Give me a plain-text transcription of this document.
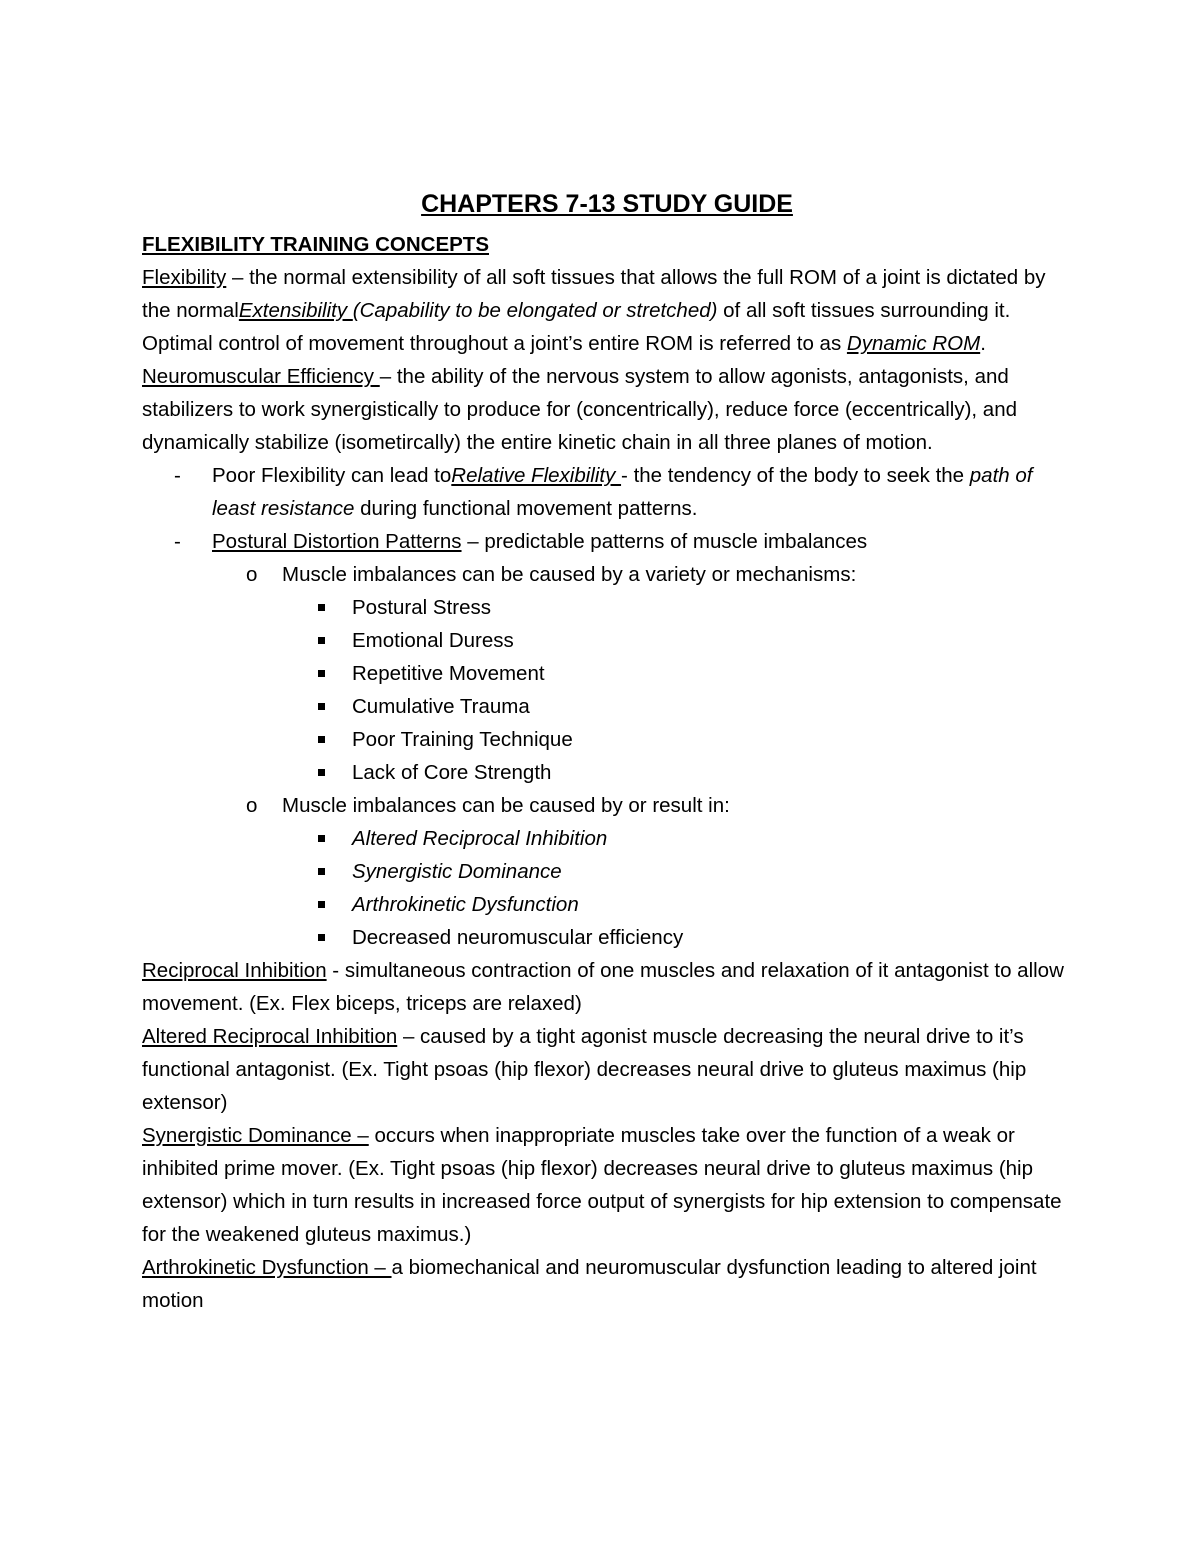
CHAPTERS 7-13 STUDY GUIDE
FLEXIBILITY TRAINING CONCEPTS

Flexibility – the normal extensibility of all soft tissues that allows the full ROM of a joint is dictated by the normalExtensibility (Capability to be elongated or stretched) of all soft tissues surrounding it. Optimal control of movement throughout a joint’s entire ROM is referred to as Dynamic ROM.

Neuromuscular Efficiency – the ability of the nervous system to allow agonists, antagonists, and stabilizers to work synergistically to produce for (concentrically), reduce force (eccentrically), and dynamically stabilize (isometircally) the entire kinetic chain in all three planes of motion.

- Poor Flexibility can lead toRelative Flexibility - the tendency of the body to seek the path of least resistance during functional movement patterns.
- Postural Distortion Patterns – predictable patterns of muscle imbalances
o Muscle imbalances can be caused by a variety or mechanisms:
Postural Stress
Emotional Duress
Repetitive Movement
Cumulative Trauma
Poor Training Technique
Lack of Core Strength
o Muscle imbalances can be caused by or result in:
Altered Reciprocal Inhibition
Synergistic Dominance
Arthrokinetic Dysfunction
Decreased neuromuscular efficiency

Reciprocal Inhibition - simultaneous contraction of one muscles and relaxation of it antagonist to allow movement. (Ex. Flex biceps, triceps are relaxed)

Altered Reciprocal Inhibition – caused by a tight agonist muscle decreasing the neural drive to it’s functional antagonist. (Ex. Tight psoas (hip flexor) decreases neural drive to gluteus maximus (hip extensor)

Synergistic Dominance – occurs when inappropriate muscles take over the function of a weak or inhibited prime mover. (Ex. Tight psoas (hip flexor) decreases neural drive to gluteus maximus (hip extensor) which in turn results in increased force output of synergists for hip extension to compensate for the weakened gluteus maximus.)

Arthrokinetic Dysfunction – a biomechanical and neuromuscular dysfunction leading to altered joint motion
